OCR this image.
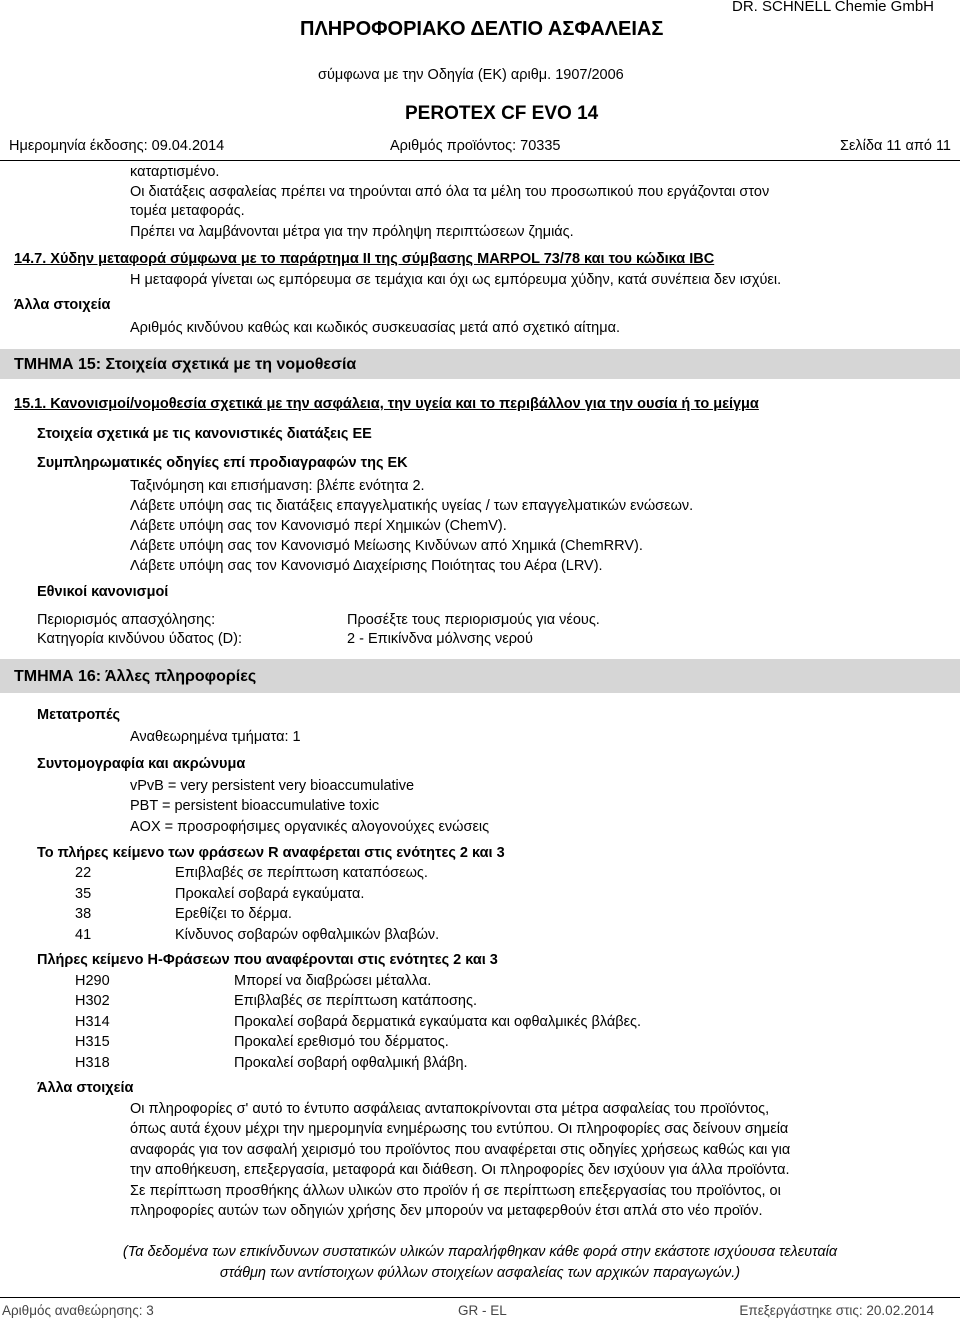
ΠΛΗΡΟΦΟΡΙΑΚΟ ΔΕΛΤΙΟ ΑΣΦΑΛΕΙΑΣ
DR. SCHNELL Chemie GmbH
σύμφωνα με την Οδηγία (ΕΚ) αριθμ. 1907/2006
PEROTEX CF EVO 14
Ημερομηνία έκδοσης: 09.04.2014	Αριθμός προϊόντος: 70335	Σελίδα 11 από 11
καταρτισμένο.
Οι διατάξεις ασφαλείας πρέπει να τηρούνται από όλα τα μέλη του προσωπικού που εργάζονται στον
τομέα μεταφοράς.
Πρέπει να λαμβάνονται μέτρα για την πρόληψη περιπτώσεων ζημιάς.
14.7. Χύδην μεταφορά σύμφωνα με το παράρτημα II της σύμβασης MARPOL 73/78 και του κώδικα IBC
Η μεταφορά γίνεται ως εμπόρευμα σε τεμάχια και όχι ως εμπόρευμα χύδην, κατά συνέπεια δεν ισχύει.
Άλλα στοιχεία
Αριθμός κινδύνου καθώς και κωδικός συσκευασίας μετά από σχετικό αίτημα.
ΤΜΗΜΑ 15: Στοιχεία σχετικά με τη νομοθεσία
15.1. Κανονισμοί/νομοθεσία σχετικά με την ασφάλεια, την υγεία και το περιβάλλον για την ουσία ή το μείγμα
Στοιχεία σχετικά με τις κανονιστικές διατάξεις ΕΕ
Συμπληρωματικές οδηγίες επί προδιαγραφών της ΕΚ
Ταξινόμηση και επισήμανση: βλέπε ενότητα 2.
Λάβετε υπόψη σας τις διατάξεις επαγγελματικής υγείας / των επαγγελματικών ενώσεων.
Λάβετε υπόψη σας τον Κανονισμό περί Χημικών (ChemV).
Λάβετε υπόψη σας τον Κανονισμό Μείωσης Κινδύνων από Χημικά (ChemRRV).
Λάβετε υπόψη σας τον Κανονισμό Διαχείρισης Ποιότητας του Αέρα (LRV).
Εθνικοί κανονισμοί
Περιορισμός απασχόλησης:	Προσέξτε τους περιορισμούς για νέους.
Κατηγορία κινδύνου ύδατος (D):	2 - Επικίνδνα μόλνσης νερού
ΤΜΗΜΑ 16: Άλλες πληροφορίες
Μετατροπές
Αναθεωρημένα τμήματα: 1
Συντομογραφία και ακρώνυμα
vPvB = very persistent very bioaccumulative
PBT = persistent bioaccumulative toxic
AOX = προσροφήσιμες οργανικές αλογονούχες ενώσεις
Το πλήρες κείμενο των φράσεων R αναφέρεται στις ενότητες 2 και 3
22	Επιβλαβές σε περίπτωση καταπόσεως.
35	Προκαλεί σοβαρά εγκαύματα.
38	Ερεθίζει το δέρμα.
41	Κίνδυνος σοβαρών οφθαλμικών βλαβών.
Πλήρες κείμενο Η-Φράσεων που αναφέρονται στις ενότητες 2 και 3
H290	Μπορεί να διαβρώσει μέταλλα.
H302	Επιβλαβές σε περίπτωση κατάποσης.
H314	Προκαλεί σοβαρά δερματικά εγκαύματα και οφθαλμικές βλάβες.
H315	Προκαλεί ερεθισμό του δέρματος.
H318	Προκαλεί σοβαρή οφθαλμική βλάβη.
Άλλα στοιχεία
Οι πληροφορίες σ' αυτό το έντυπο ασφάλειας ανταποκρίνονται στα μέτρα ασφαλείας του προϊόντος,
όπως αυτά έχουν μέχρι την ημερομηνία ενημέρωσης του εντύπου. Οι πληροφορίες σας δείνουν σημεία
αναφοράς για τον ασφαλή χειρισμό του προϊόντος που αναφέρεται στις οδηγίες χρήσεως καθώς και για
την αποθήκευση, επεξεργασία, μεταφορά και διάθεση. Οι πληροφορίες δεν ισχύουν για άλλα προϊόντα.
Σε περίπτωση προσθήκης άλλων υλικών στο προϊόν ή σε περίπτωση επεξεργασίας του προϊόντος, οι
πληροφορίες αυτών των οδηγιών χρήσης δεν μπορούν να μεταφερθούν έτσι απλά στο νέο προϊόν.
(Τα δεδομένα των επικίνδυνων συστατικών υλικών παραλήφθηκαν κάθε φορά στην εκάστοτε ισχύουσα τελευταία
στάθμη των αντίστοιχων φύλλων στοιχείων ασφαλείας των αρχικών παραγωγών.)
Αριθμός αναθεώρησης: 3	GR - EL	Επεξεργάστηκε στις: 20.02.2014
